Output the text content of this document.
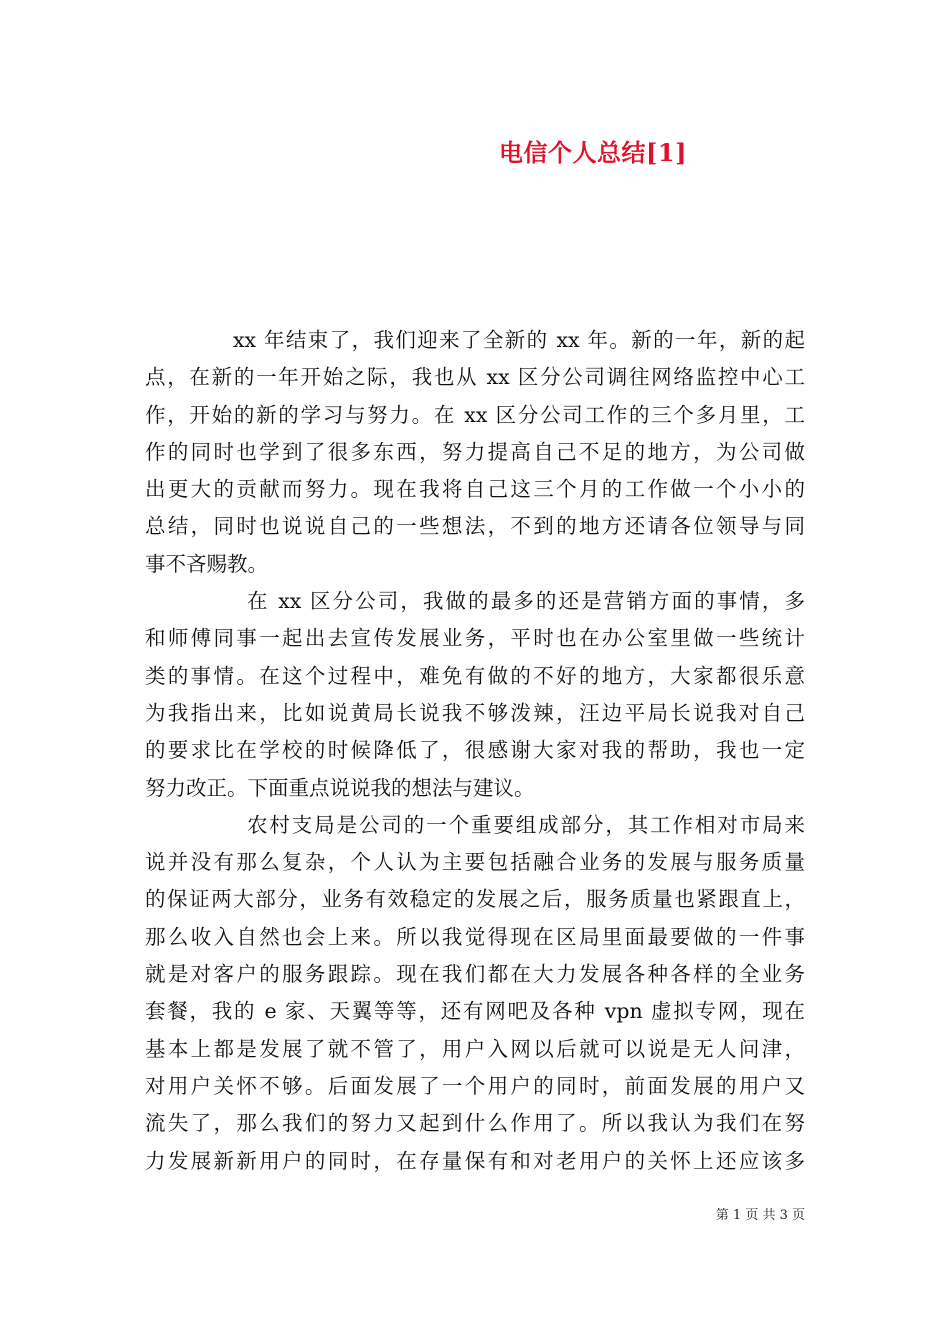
电信个人总结[1]
xx 年结束了，我们迎来了全新的 xx 年。新的一年，新的起
点，在新的一年开始之际，我也从 xx 区分公司调往网络监控中心工
作，开始的新的学习与努力。在 xx 区分公司工作的三个多月里，工
作的同时也学到了很多东西，努力提高自己不足的地方，为公司做
出更大的贡献而努力。现在我将自己这三个月的工作做一个小小的
总结，同时也说说自己的一些想法，不到的地方还请各位领导与同
事不吝赐教。
在 xx 区分公司，我做的最多的还是营销方面的事情，多
和师傅同事一起出去宣传发展业务，平时也在办公室里做一些统计
类的事情。在这个过程中，难免有做的不好的地方，大家都很乐意
为我指出来，比如说黄局长说我不够泼辣，汪边平局长说我对自己
的要求比在学校的时候降低了，很感谢大家对我的帮助，我也一定
努力改正。下面重点说说我的想法与建议。
农村支局是公司的一个重要组成部分，其工作相对市局来
说并没有那么复杂，个人认为主要包括融合业务的发展与服务质量
的保证两大部分，业务有效稳定的发展之后，服务质量也紧跟直上，
那么收入自然也会上来。所以我觉得现在区局里面最要做的一件事
就是对客户的服务跟踪。现在我们都在大力发展各种各样的全业务
套餐，我的 e 家、天翼等等，还有网吧及各种 vpn 虚拟专网，现在
基本上都是发展了就不管了，用户入网以后就可以说是无人问津，
对用户关怀不够。后面发展了一个用户的同时，前面发展的用户又
流失了，那么我们的努力又起到什么作用了。所以我认为我们在努
力发展新新用户的同时，在存量保有和对老用户的关怀上还应该多
第 1 页 共 3 页
